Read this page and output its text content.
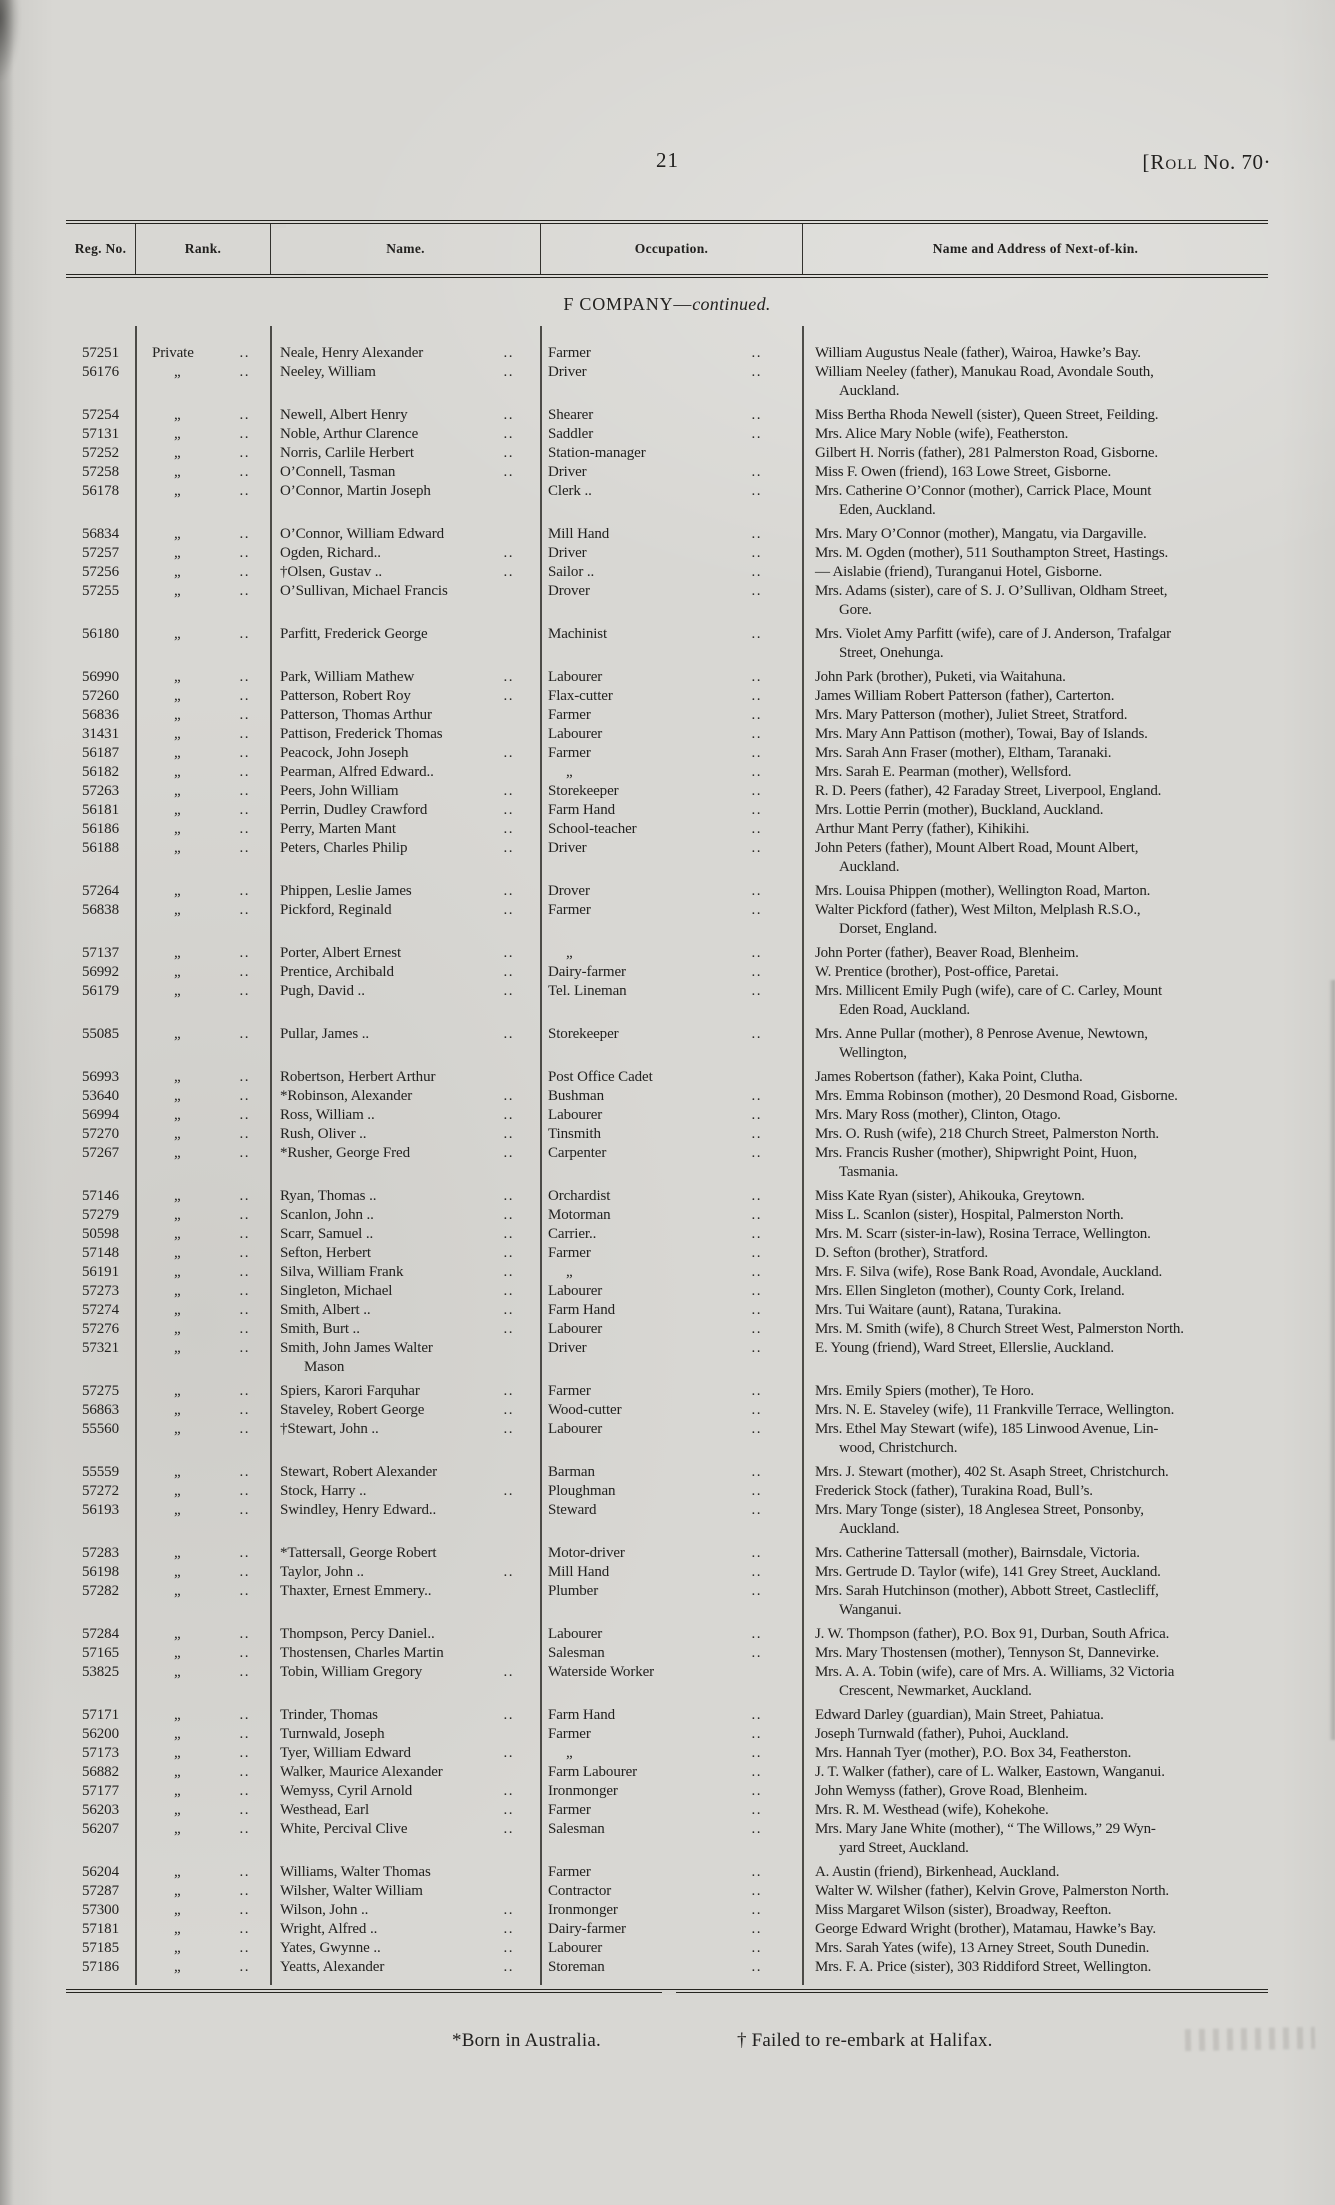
21	[Roll No. 70·
Reg. No.	Rank.	Name.	Occupation.	Name and Address of Next-of-kin.
F COMPANY—continued.
57251	Private	.. Neale, Henry Alexander	.. Farmer	..	William Augustus Neale (father), Wairoa, Hawke’s Bay.
56176	„	.. Neeley, William	.. Driver	..	William Neeley (father), Manukau Road, Avondale South,
Auckland.
57254	„	.. Newell, Albert Henry	.. Shearer	..	Miss Bertha Rhoda Newell (sister), Queen Street, Feilding.
57131	„	.. Noble, Arthur Clarence	.. Saddler	..	Mrs. Alice Mary Noble (wife), Featherston.
57252	„	.. Norris, Carlile Herbert	.. Station-manager	Gilbert H. Norris (father), 281 Palmerston Road, Gisborne.
57258	„	.. O’Connell, Tasman	.. Driver	..	Miss F. Owen (friend), 163 Lowe Street, Gisborne.
56178	„	.. O’Connor, Martin Joseph	Clerk ..	..	Mrs. Catherine O’Connor (mother), Carrick Place, Mount
Eden, Auckland.
56834	„	.. O’Connor, William Edward	Mill Hand	..	Mrs. Mary O’Connor (mother), Mangatu, via Dargaville.
57257	„	.. Ogden, Richard..	.. Driver	..	Mrs. M. Ogden (mother), 511 Southampton Street, Hastings.
57256	„	.. †Olsen, Gustav ..	.. Sailor ..	..	— Aislabie (friend), Turanganui Hotel, Gisborne.
57255	„	.. O’Sullivan, Michael Francis	Drover	..	Mrs. Adams (sister), care of S. J. O’Sullivan, Oldham Street,
Gore.
56180	„	.. Parfitt, Frederick George	Machinist	..	Mrs. Violet Amy Parfitt (wife), care of J. Anderson, Trafalgar
Street, Onehunga.
56990	„	.. Park, William Mathew	.. Labourer	..	John Park (brother), Puketi, via Waitahuna.
57260	„	.. Patterson, Robert Roy	.. Flax-cutter	..	James William Robert Patterson (father), Carterton.
56836	„	.. Patterson, Thomas Arthur	Farmer	..	Mrs. Mary Patterson (mother), Juliet Street, Stratford.
31431	„	.. Pattison, Frederick Thomas	Labourer	..	Mrs. Mary Ann Pattison (mother), Towai, Bay of Islands.
56187	„	.. Peacock, John Joseph	.. Farmer	..	Mrs. Sarah Ann Fraser (mother), Eltham, Taranaki.
56182	„	.. Pearman, Alfred Edward..	„	..	Mrs. Sarah E. Pearman (mother), Wellsford.
57263	„	.. Peers, John William	.. Storekeeper	..	R. D. Peers (father), 42 Faraday Street, Liverpool, England.
56181	„	.. Perrin, Dudley Crawford	.. Farm Hand	..	Mrs. Lottie Perrin (mother), Buckland, Auckland.
56186	„	.. Perry, Marten Mant	.. School-teacher	..	Arthur Mant Perry (father), Kihikihi.
56188	„	.. Peters, Charles Philip	.. Driver	..	John Peters (father), Mount Albert Road, Mount Albert,
Auckland.
57264	„	.. Phippen, Leslie James	.. Drover	..	Mrs. Louisa Phippen (mother), Wellington Road, Marton.
56838	„	.. Pickford, Reginald	.. Farmer	..	Walter Pickford (father), West Milton, Melplash R.S.O.,
Dorset, England.
57137	„	.. Porter, Albert Ernest	..	„	..	John Porter (father), Beaver Road, Blenheim.
56992	„	.. Prentice, Archibald	.. Dairy-farmer	..	W. Prentice (brother), Post-office, Paretai.
56179	„	.. Pugh, David ..	.. Tel. Lineman	..	Mrs. Millicent Emily Pugh (wife), care of C. Carley, Mount
Eden Road, Auckland.
55085	„	.. Pullar, James ..	.. Storekeeper	..	Mrs. Anne Pullar (mother), 8 Penrose Avenue, Newtown,
Wellington,
56993	„	.. Robertson, Herbert Arthur	Post Office Cadet	James Robertson (father), Kaka Point, Clutha.
53640	„	.. *Robinson, Alexander	.. Bushman	..	Mrs. Emma Robinson (mother), 20 Desmond Road, Gisborne.
56994	„	.. Ross, William ..	.. Labourer	..	Mrs. Mary Ross (mother), Clinton, Otago.
57270	„	.. Rush, Oliver ..	.. Tinsmith	..	Mrs. O. Rush (wife), 218 Church Street, Palmerston North.
57267	„	.. *Rusher, George Fred	.. Carpenter	..	Mrs. Francis Rusher (mother), Shipwright Point, Huon,
Tasmania.
57146	„	.. Ryan, Thomas ..	.. Orchardist	..	Miss Kate Ryan (sister), Ahikouka, Greytown.
57279	„	.. Scanlon, John ..	.. Motorman	..	Miss L. Scanlon (sister), Hospital, Palmerston North.
50598	„	.. Scarr, Samuel ..	.. Carrier..	..	Mrs. M. Scarr (sister-in-law), Rosina Terrace, Wellington.
57148	„	.. Sefton, Herbert	.. Farmer	..	D. Sefton (brother), Stratford.
56191	„	.. Silva, William Frank	..	„	..	Mrs. F. Silva (wife), Rose Bank Road, Avondale, Auckland.
57273	„	.. Singleton, Michael	.. Labourer	..	Mrs. Ellen Singleton (mother), County Cork, Ireland.
57274	„	.. Smith, Albert ..	.. Farm Hand	..	Mrs. Tui Waitare (aunt), Ratana, Turakina.
57276	„	.. Smith, Burt ..	.. Labourer	..	Mrs. M. Smith (wife), 8 Church Street West, Palmerston North.
57321	„	.. Smith, John James Walter
Mason
Driver	..	E. Young (friend), Ward Street, Ellerslie, Auckland.
57275	„	.. Spiers, Karori Farquhar	.. Farmer	..	Mrs. Emily Spiers (mother), Te Horo.
56863	„	.. Staveley, Robert George	.. Wood-cutter	..	Mrs. N. E. Staveley (wife), 11 Frankville Terrace, Wellington.
55560	„	.. †Stewart, John ..	.. Labourer	..	Mrs. Ethel May Stewart (wife), 185 Linwood Avenue, Lin-
wood, Christchurch.
55559	„	.. Stewart, Robert Alexander	Barman	..	Mrs. J. Stewart (mother), 402 St. Asaph Street, Christchurch.
57272	„	.. Stock, Harry ..	.. Ploughman	..	Frederick Stock (father), Turakina Road, Bull’s.
56193	„	.. Swindley, Henry Edward..	Steward	..	Mrs. Mary Tonge (sister), 18 Anglesea Street, Ponsonby,
Auckland.
57283	„	.. *Tattersall, George Robert	Motor-driver	..	Mrs. Catherine Tattersall (mother), Bairnsdale, Victoria.
56198	„	.. Taylor, John ..	.. Mill Hand	..	Mrs. Gertrude D. Taylor (wife), 141 Grey Street, Auckland.
57282	„	.. Thaxter, Ernest Emmery..	Plumber	..	Mrs. Sarah Hutchinson (mother), Abbott Street, Castlecliff,
Wanganui.
57284	„	.. Thompson, Percy Daniel..	Labourer	..	J. W. Thompson (father), P.O. Box 91, Durban, South Africa.
57165	„	.. Thostensen, Charles Martin	Salesman	..	Mrs. Mary Thostensen (mother), Tennyson St, Dannevirke.
53825	„	.. Tobin, William Gregory	.. Waterside Worker	Mrs. A. A. Tobin (wife), care of Mrs. A. Williams, 32 Victoria
Crescent, Newmarket, Auckland.
57171	„	.. Trinder, Thomas	.. Farm Hand	..	Edward Darley (guardian), Main Street, Pahiatua.
56200	„	.. Turnwald, Joseph	Farmer	..	Joseph Turnwald (father), Puhoi, Auckland.
57173	„	.. Tyer, William Edward	..	„	..	Mrs. Hannah Tyer (mother), P.O. Box 34, Featherston.
56882	„	.. Walker, Maurice Alexander	Farm Labourer	..	J. T. Walker (father), care of L. Walker, Eastown, Wanganui.
57177	„	.. Wemyss, Cyril Arnold	.. Ironmonger	..	John Wemyss (father), Grove Road, Blenheim.
56203	„	.. Westhead, Earl	.. Farmer	..	Mrs. R. M. Westhead (wife), Kohekohe.
56207	„	.. White, Percival Clive	.. Salesman	..	Mrs. Mary Jane White (mother), “ The Willows,” 29 Wyn-
yard Street, Auckland.
56204	„	.. Williams, Walter Thomas	Farmer	..	A. Austin (friend), Birkenhead, Auckland.
57287	„	.. Wilsher, Walter William	Contractor	..	Walter W. Wilsher (father), Kelvin Grove, Palmerston North.
57300	„	.. Wilson, John ..	.. Ironmonger	..	Miss Margaret Wilson (sister), Broadway, Reefton.
57181	„	.. Wright, Alfred ..	.. Dairy-farmer	..	George Edward Wright (brother), Matamau, Hawke’s Bay.
57185	„	.. Yates, Gwynne ..	.. Labourer	..	Mrs. Sarah Yates (wife), 13 Arney Street, South Dunedin.
57186	„	.. Yeatts, Alexander	.. Storeman	..	Mrs. F. A. Price (sister), 303 Riddiford Street, Wellington.
*Born in Australia.	† Failed to re-embark at Halifax.
